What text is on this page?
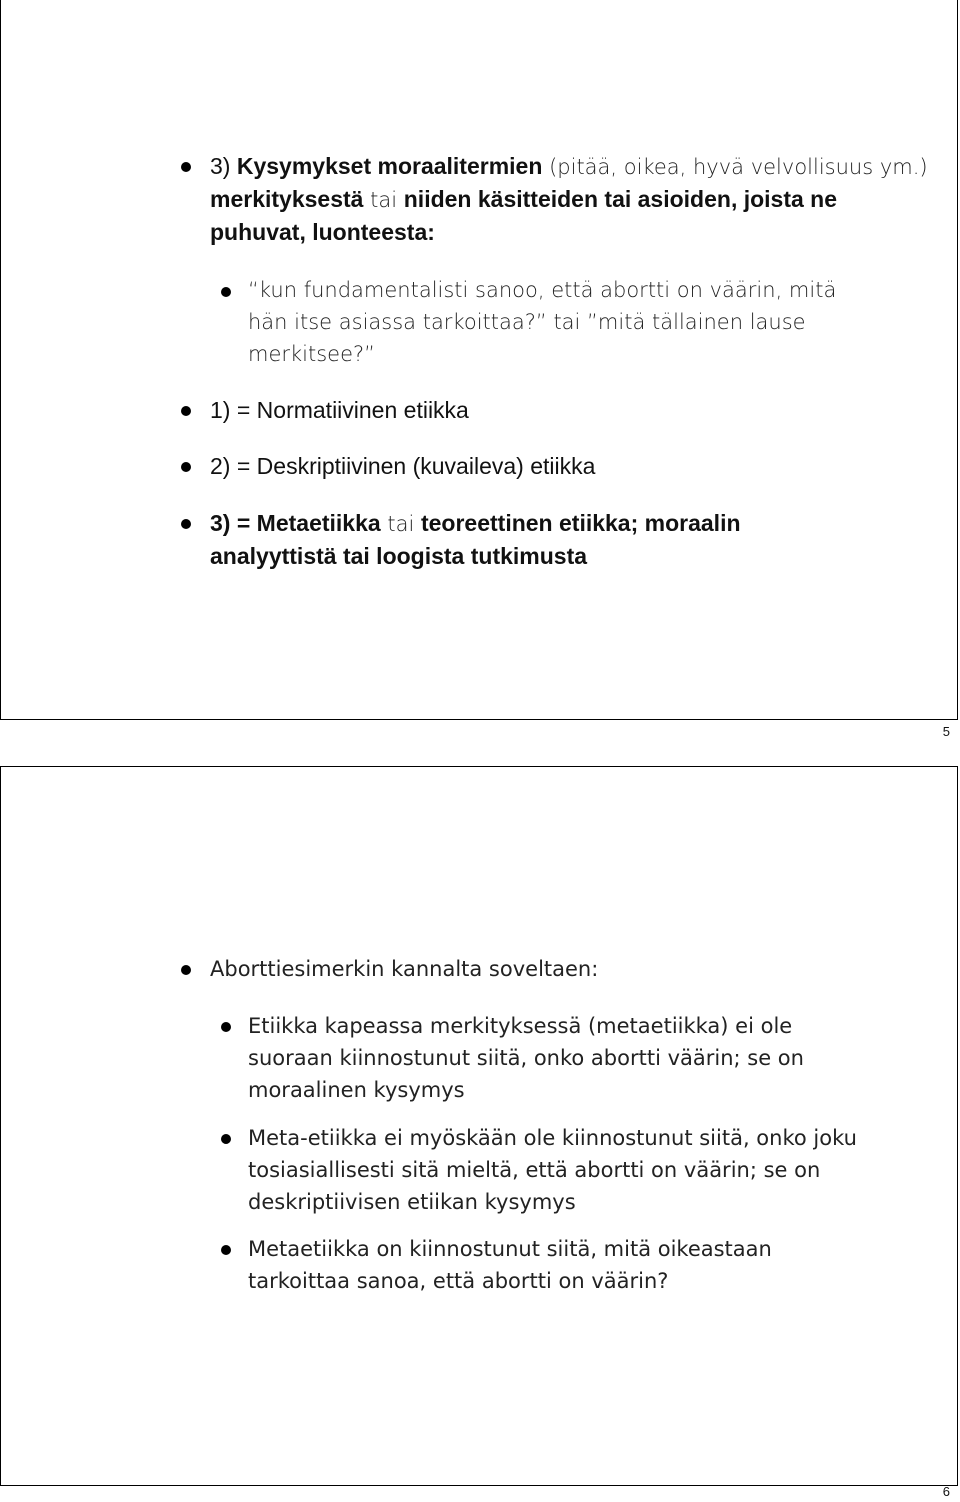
3) Kysymykset moraalitermien (pitää, oikea, hyvä velvollisuus ym.) merkityksestä tai niiden käsitteiden tai asioiden, joista ne puhuvat, luonteesta:
“kun fundamentalisti sanoo, että abortti on väärin, mitä hän itse asiassa tarkoittaa?” tai ”mitä tällainen lause merkitsee?”
1) = Normatiivinen etiikka
2) = Deskriptiivinen (kuvaileva) etiikka
3) = Metaetiikka tai teoreettinen etiikka; moraalin analyyttistä tai loogista tutkimusta
5
Aborttiesimerkin kannalta soveltaen:
Etiikka kapeassa merkityksessä (metaetiikka) ei ole suoraan kiinnostunut siitä, onko abortti väärin; se on moraalinen kysymys
Meta-etiikka ei myöskään ole kiinnostunut siitä, onko joku tosiasiallisesti sitä mieltä, että abortti on väärin; se on deskriptiivisen etiikan kysymys
Metaetiikka on kiinnostunut siitä, mitä oikeastaan tarkoittaa sanoa, että abortti on väärin?
6
